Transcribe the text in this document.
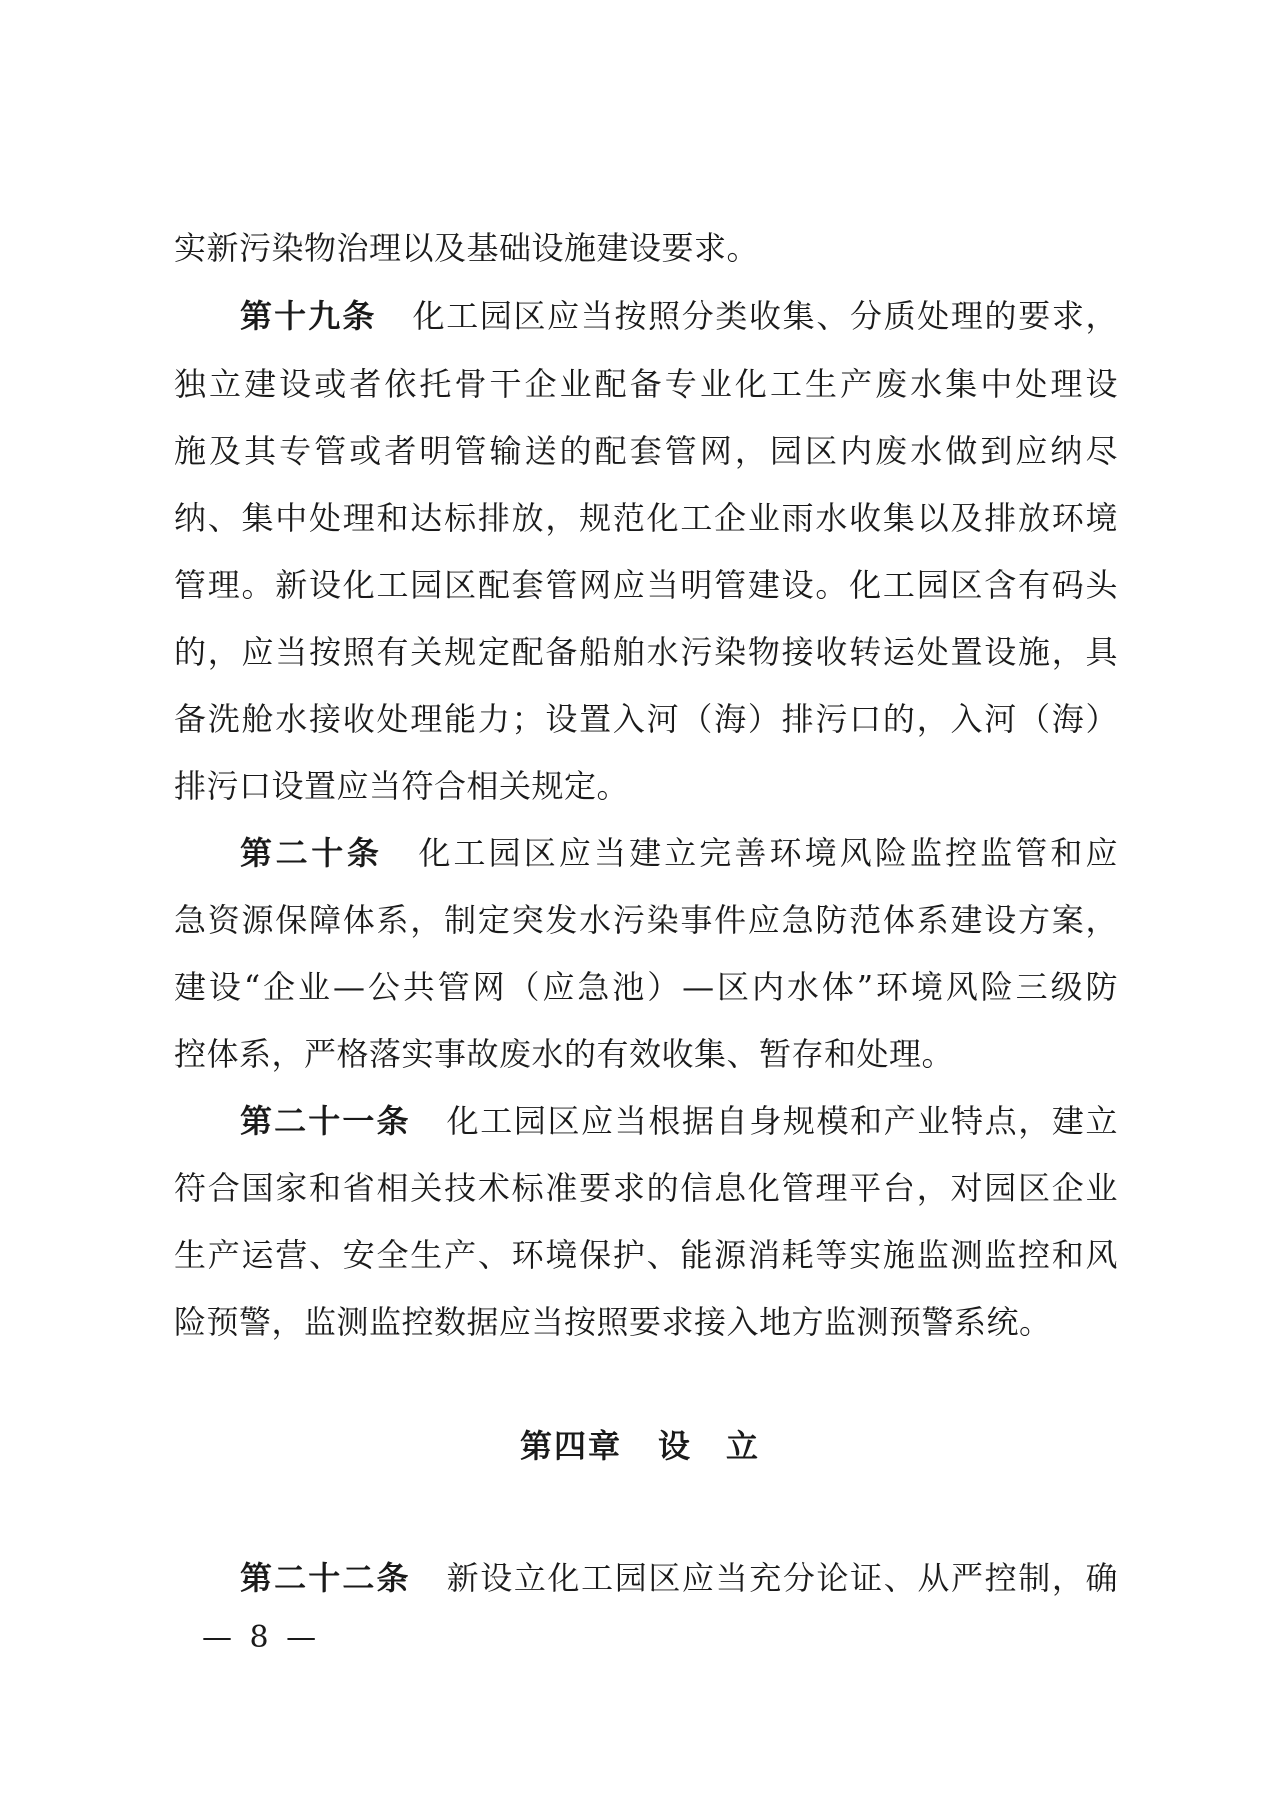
实新污染物治理以及基础设施建设要求。
第十九条 化工园区应当按照分类收集、分质处理的要求，
独立建设或者依托骨干企业配备专业化工生产废水集中处理设
施及其专管或者明管输送的配套管网，园区内废水做到应纳尽
纳、集中处理和达标排放，规范化工企业雨水收集以及排放环境
管理。新设化工园区配套管网应当明管建设。化工园区含有码头
的，应当按照有关规定配备船舶水污染物接收转运处置设施，具
备洗舱水接收处理能力；设置入河（海）排污口的，入河（海）
排污口设置应当符合相关规定。
第二十条 化工园区应当建立完善环境风险监控监管和应
急资源保障体系，制定突发水污染事件应急防范体系建设方案，
建设“企业—公共管网（应急池）—区内水体”环境风险三级防
控体系，严格落实事故废水的有效收集、暂存和处理。
第二十一条 化工园区应当根据自身规模和产业特点，建立
符合国家和省相关技术标准要求的信息化管理平台，对园区企业
生产运营、安全生产、环境保护、能源消耗等实施监测监控和风
险预警，监测监控数据应当按照要求接入地方监测预警系统。
第四章 设　立
第二十二条 新设立化工园区应当充分论证、从严控制，确
— 8 —
